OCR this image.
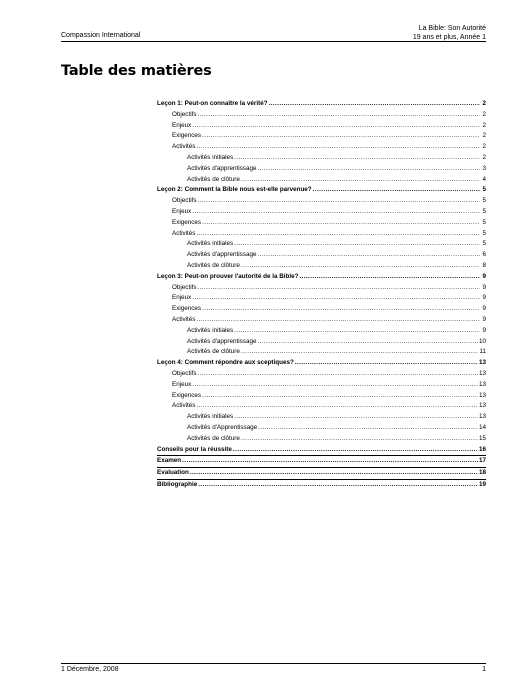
Compassion International
La Bible: Son Autorité
19 ans et plus, Année 1
Table des matières
Leçon 1: Peut-on connaître la vérité? .....	2
Objectifs .....	2
Enjeux .....	2
Exigences .....	2
Activités .....	2
Activités initiales .....	2
Activités d'apprentissage .....	3
Activités de clôture .....	4
Leçon 2: Comment la Bible nous est-elle parvenue? .....	5
Objectifs .....	5
Enjeux .....	5
Exigences .....	5
Activités .....	5
Activités initiales .....	5
Activités d'apprentissage .....	6
Activités de clôture .....	8
Leçon 3: Peut-on prouver l'autorité de la Bible? .....	9
Objectifs .....	9
Enjeux .....	9
Exigences .....	9
Activités .....	9
Activités initiales .....	9
Activités d'apprentissage .....	10
Activités de clôture .....	11
Leçon 4: Comment répondre aux sceptiques? .....	13
Objectifs .....	13
Enjeux .....	13
Exigences .....	13
Activités .....	13
Activités initiales .....	13
Activités d'Apprentissage .....	14
Activités de clôture .....	15
Conseils pour la réussite .....	16
Examen .....	17
Evaluation .....	18
Bibliographie .....	19
1 Décembre, 2008	1
